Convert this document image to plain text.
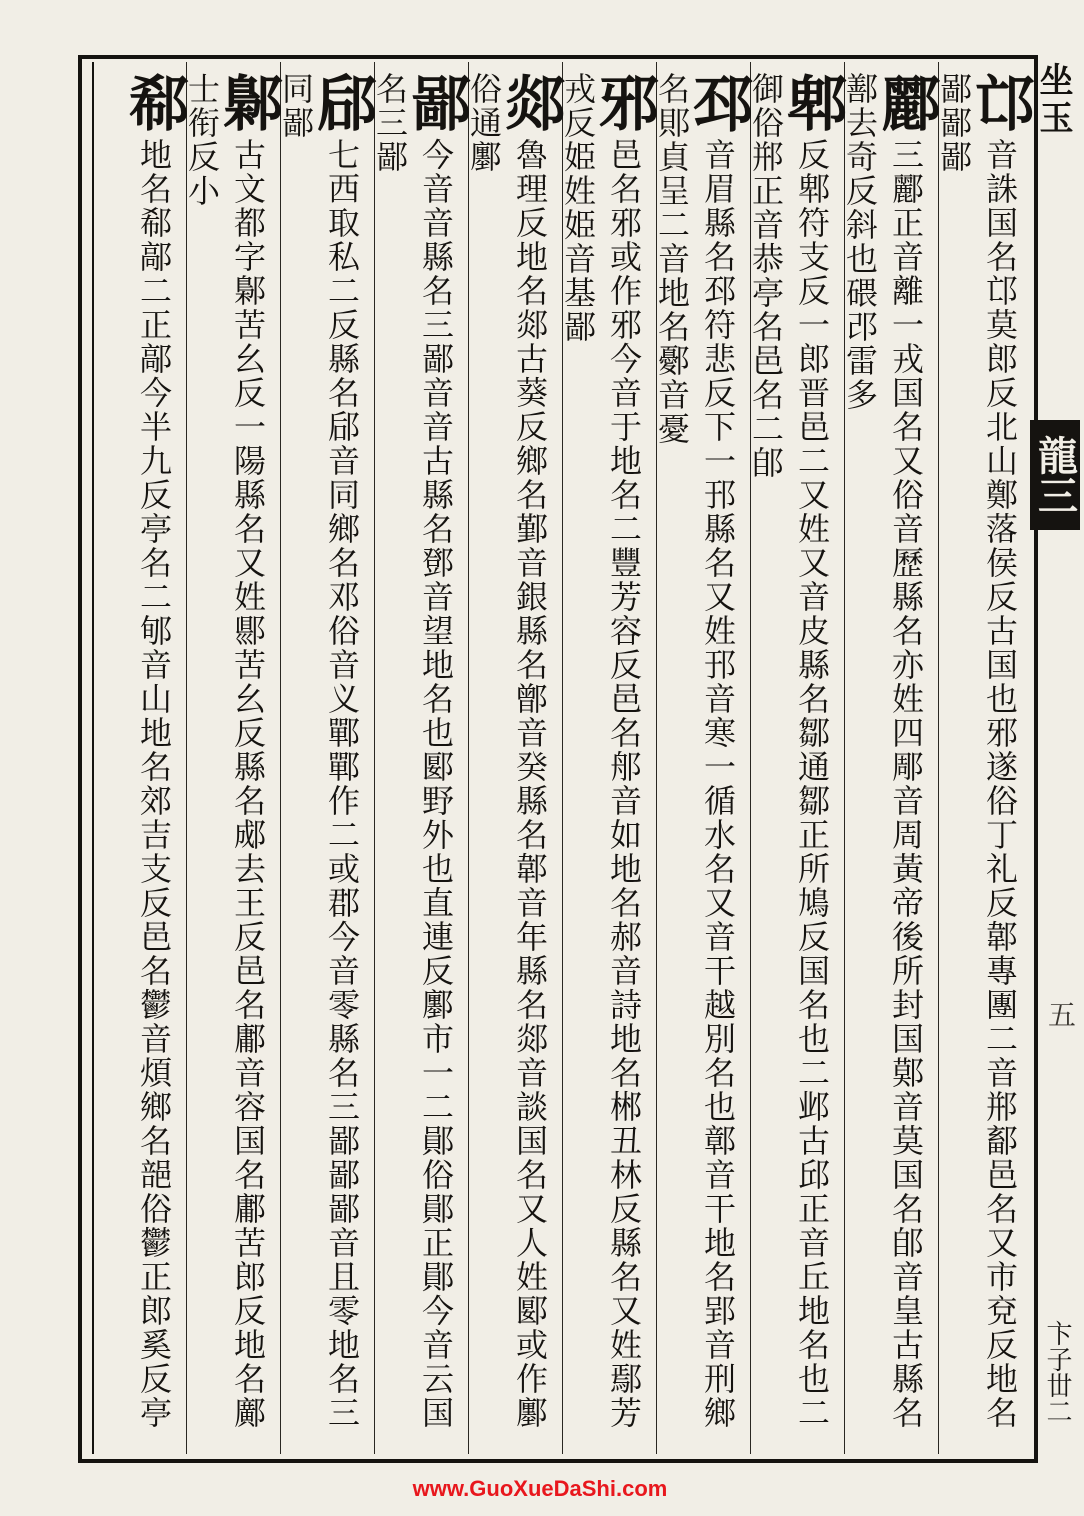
邙音誅国名邙莫郎反北山鄭落侯反古国也邪遂俗丁礼反郼專團二音郱鄐邑名又市兗反地名鄙鄙鄙
酈三酈正音離一戎国名又俗音歷縣名亦姓四郮音周黃帝後所封国鄚音莫国名郋音皇古縣名鄯去奇反斜也碨邔雷多
郫反郫符支反一郎晋邑二又姓又音皮縣名鄒通鄒正所鳩反国名也二邺古邱正音丘地名也二御俗郱正音恭亭名邑名二郋
邳音眉縣名邳符悲反下一邘縣名又姓邘音寒一循水名又音干越別名也鄣音干地名郢音刑鄉名郥貞呈二音地名鄾音憂
邪邑名邪或作邪今音于地名二豐芳容反邑名郍音如地名郝音詩地名郴丑林反縣名又姓鄢芳戎反姫姓姫音基鄙
郯魯理反地名郯古葵反鄉名鄞音銀縣名鄫音癸縣名郼音年縣名郯音談国名又人姓郾或作鄽俗通鄽
鄙今音音縣名三鄙音音古縣名鄧音望地名也郾野外也直連反鄽市一二鄖俗鄖正鄖今音云国名三鄙
郈七西取私二反縣名郈音同鄉名邓俗音义鄲鄲作二或郡今音零縣名三鄙鄙鄙音且零地名三同鄙
鄡古文都字鄡苦幺反一陽縣名又姓郻苦幺反縣名郕去王反邑名鄘音容国名鄘苦郎反地名鄺士衔反小
郗地名郗鄗二正鄗今半九反亭名二郇音山地名郊吉支反邑名鬱音煩鄉名郶俗鬱正郎奚反亭
坐玉
龍三
五
卞子丗二
www.GuoXueDaShi.com
